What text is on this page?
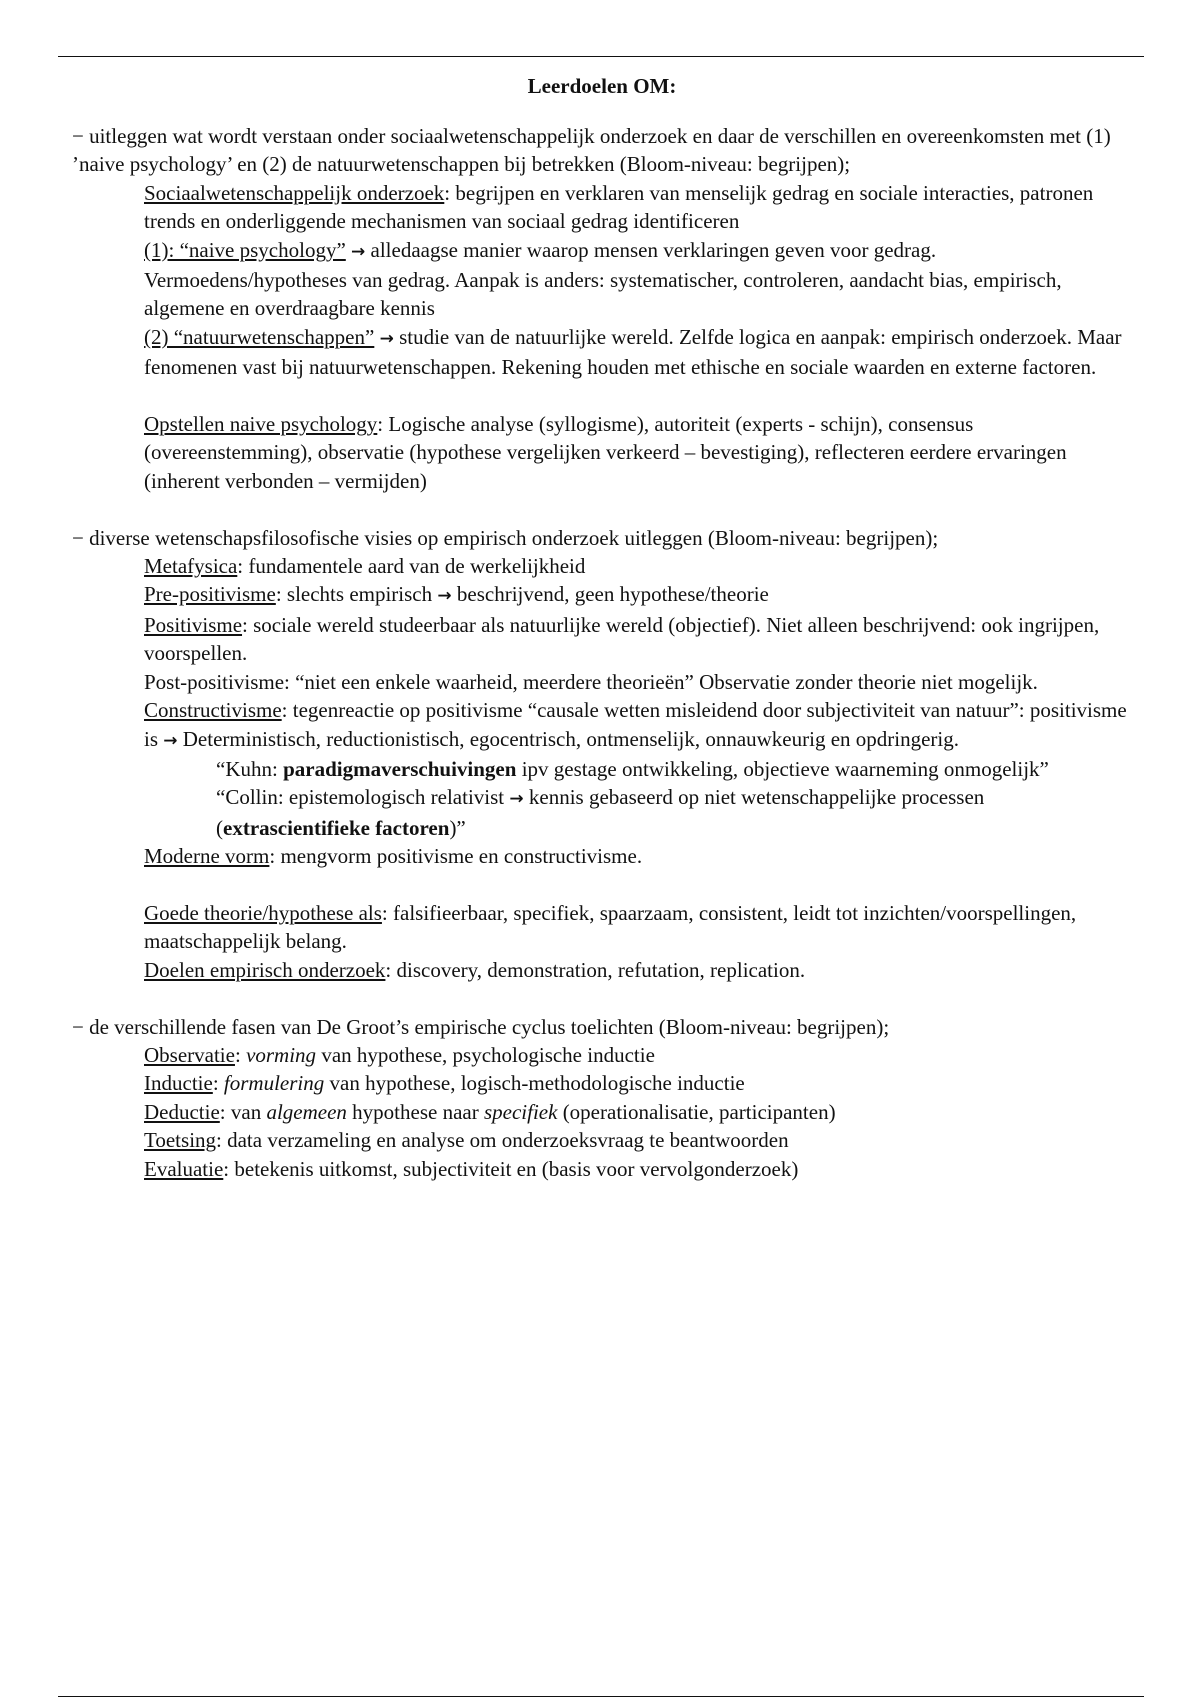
Leerdoelen OM:

− uitleggen wat wordt verstaan onder sociaalwetenschappelijk onderzoek en daar de verschillen en overeenkomsten met (1) ’naive psychology’ en (2) de natuurwetenschappen bij betrekken (Bloom-niveau: begrijpen);

Sociaalwetenschappelijk onderzoek: begrijpen en verklaren van menselijk gedrag en sociale interacties, patronen trends en onderliggende mechanismen van sociaal gedrag identificeren

(1): “naive psychology” → alledaagse manier waarop mensen verklaringen geven voor gedrag. Vermoedens/hypotheses van gedrag. Aanpak is anders: systematischer, controleren, aandacht bias, empirisch, algemene en overdraagbare kennis

(2) “natuurwetenschappen” → studie van de natuurlijke wereld. Zelfde logica en aanpak: empirisch onderzoek. Maar fenomenen vast bij natuurwetenschappen. Rekening houden met ethische en sociale waarden en externe factoren.

Opstellen naive psychology: Logische analyse (syllogisme), autoriteit (experts - schijn), consensus (overeenstemming), observatie (hypothese vergelijken verkeerd – bevestiging), reflecteren eerdere ervaringen (inherent verbonden – vermijden)

− diverse wetenschapsfilosofische visies op empirisch onderzoek uitleggen (Bloom-niveau: begrijpen);

Metafysica: fundamentele aard van de werkelijkheid

Pre-positivisme: slechts empirisch → beschrijvend, geen hypothese/theorie

Positivisme: sociale wereld studeerbaar als natuurlijke wereld (objectief). Niet alleen beschrijvend: ook ingrijpen, voorspellen.

Post-positivisme: “niet een enkele waarheid, meerdere theorieën” Observatie zonder theorie niet mogelijk.

Constructivisme: tegenreactie op positivisme “causale wetten misleidend door subjectiviteit van natuur”: positivisme is → Deterministisch, reductionistisch, egocentrisch, ontmenselijk, onnauwkeurig en opdringerig.

“Kuhn: paradigmaverschuivingen ipv gestage ontwikkeling, objectieve waarneming onmogelijk”

“Collin: epistemologisch relativist → kennis gebaseerd op niet wetenschappelijke processen (extrascientifieke factoren)”

Moderne vorm: mengvorm positivisme en constructivisme.

Goede theorie/hypothese als: falsifieerbaar, specifiek, spaarzaam, consistent, leidt tot inzichten/voorspellingen, maatschappelijk belang.

Doelen empirisch onderzoek: discovery, demonstration, refutation, replication.

− de verschillende fasen van De Groot’s empirische cyclus toelichten (Bloom-niveau: begrijpen);

Observatie: vorming van hypothese, psychologische inductie

Inductie: formulering van hypothese, logisch-methodologische inductie

Deductie: van algemeen hypothese naar specifiek (operationalisatie, participanten)

Toetsing: data verzameling en analyse om onderzoeksvraag te beantwoorden

Evaluatie: betekenis uitkomst, subjectiviteit en (basis voor vervolgonderzoek)
